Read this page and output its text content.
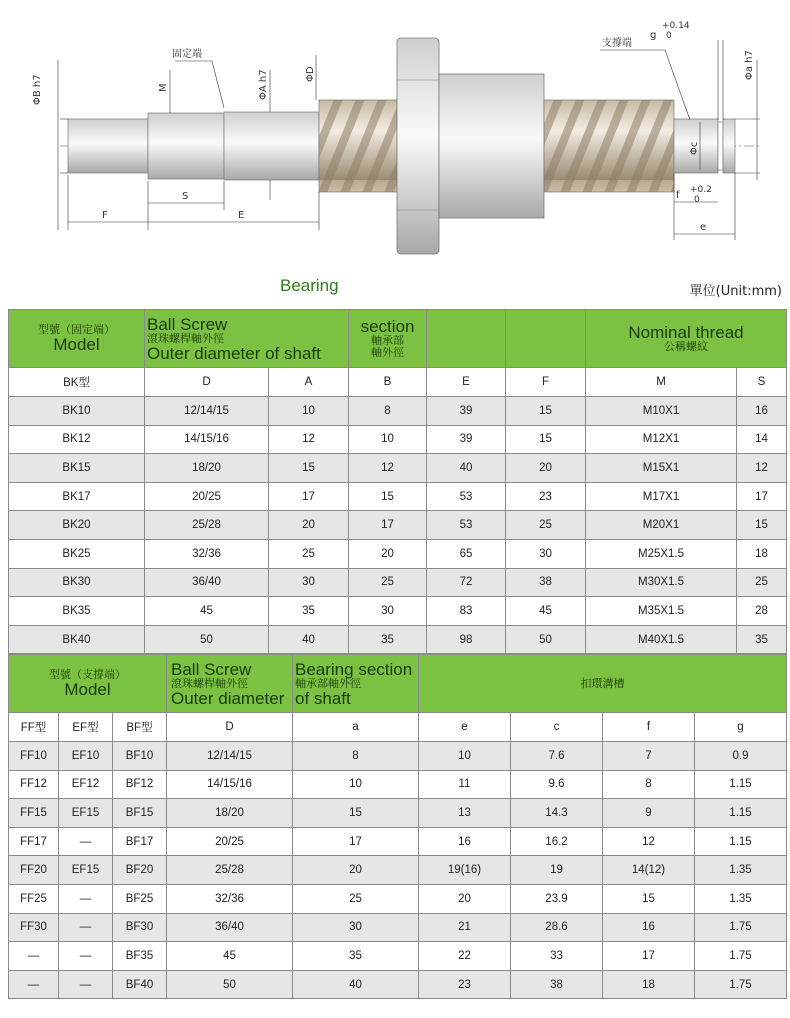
ΦB h7	M	ΦA h7	ΦD
S
F	E
固定端
支撐端
g
+0.14
0
Φa h7
Φc
f +0.2
0
e
Bearing	單位(Unit:mm)
型號（固定端）
Model	Ball Screw
滾珠螺桿軸外徑
Outer diameter of shaft		section
軸承部
軸外徑			Nominal thread
公稱螺紋	

BK型	D	A	B	E	F	M	S
BK10	12/14/15	10	8	39	15	M10X1	16
BK12	14/15/16	12	10	39	15	M12X1	14
BK15	18/20	15	12	40	20	M15X1	12
BK17	20/25	17	15	53	23	M17X1	17
BK20	25/28	20	17	53	25	M20X1	15
BK25	32/36	25	20	65	30	M25X1.5	18
BK30	36/40	30	25	72	38	M30X1.5	25
BK35	45	35	30	83	45	M35X1.5	28
BK40	50	40	35	98	50	M40X1.5	35
型號（支撐端）
Model			Ball Screw
滾珠螺桿軸外徑
Outer diameter	Bearing section
軸承部軸外徑
of shaft	扣環溝槽			

FF型	EF型	BF型	D	a	e	c	f	g
FF10	EF10	BF10	12/14/15	8	10	7.6	7	0.9
FF12	EF12	BF12	14/15/16	10	11	9.6	8	1.15
FF15	EF15	BF15	18/20	15	13	14.3	9	1.15
FF17	—	BF17	20/25	17	16	16.2	12	1.15
FF20	EF15	BF20	25/28	20	19(16)	19	14(12)	1.35
FF25	—	BF25	32/36	25	20	23.9	15	1.35
FF30	—	BF30	36/40	30	21	28.6	16	1.75
—	—	BF35	45	35	22	33	17	1.75
—	—	BF40	50	40	23	38	18	1.75
